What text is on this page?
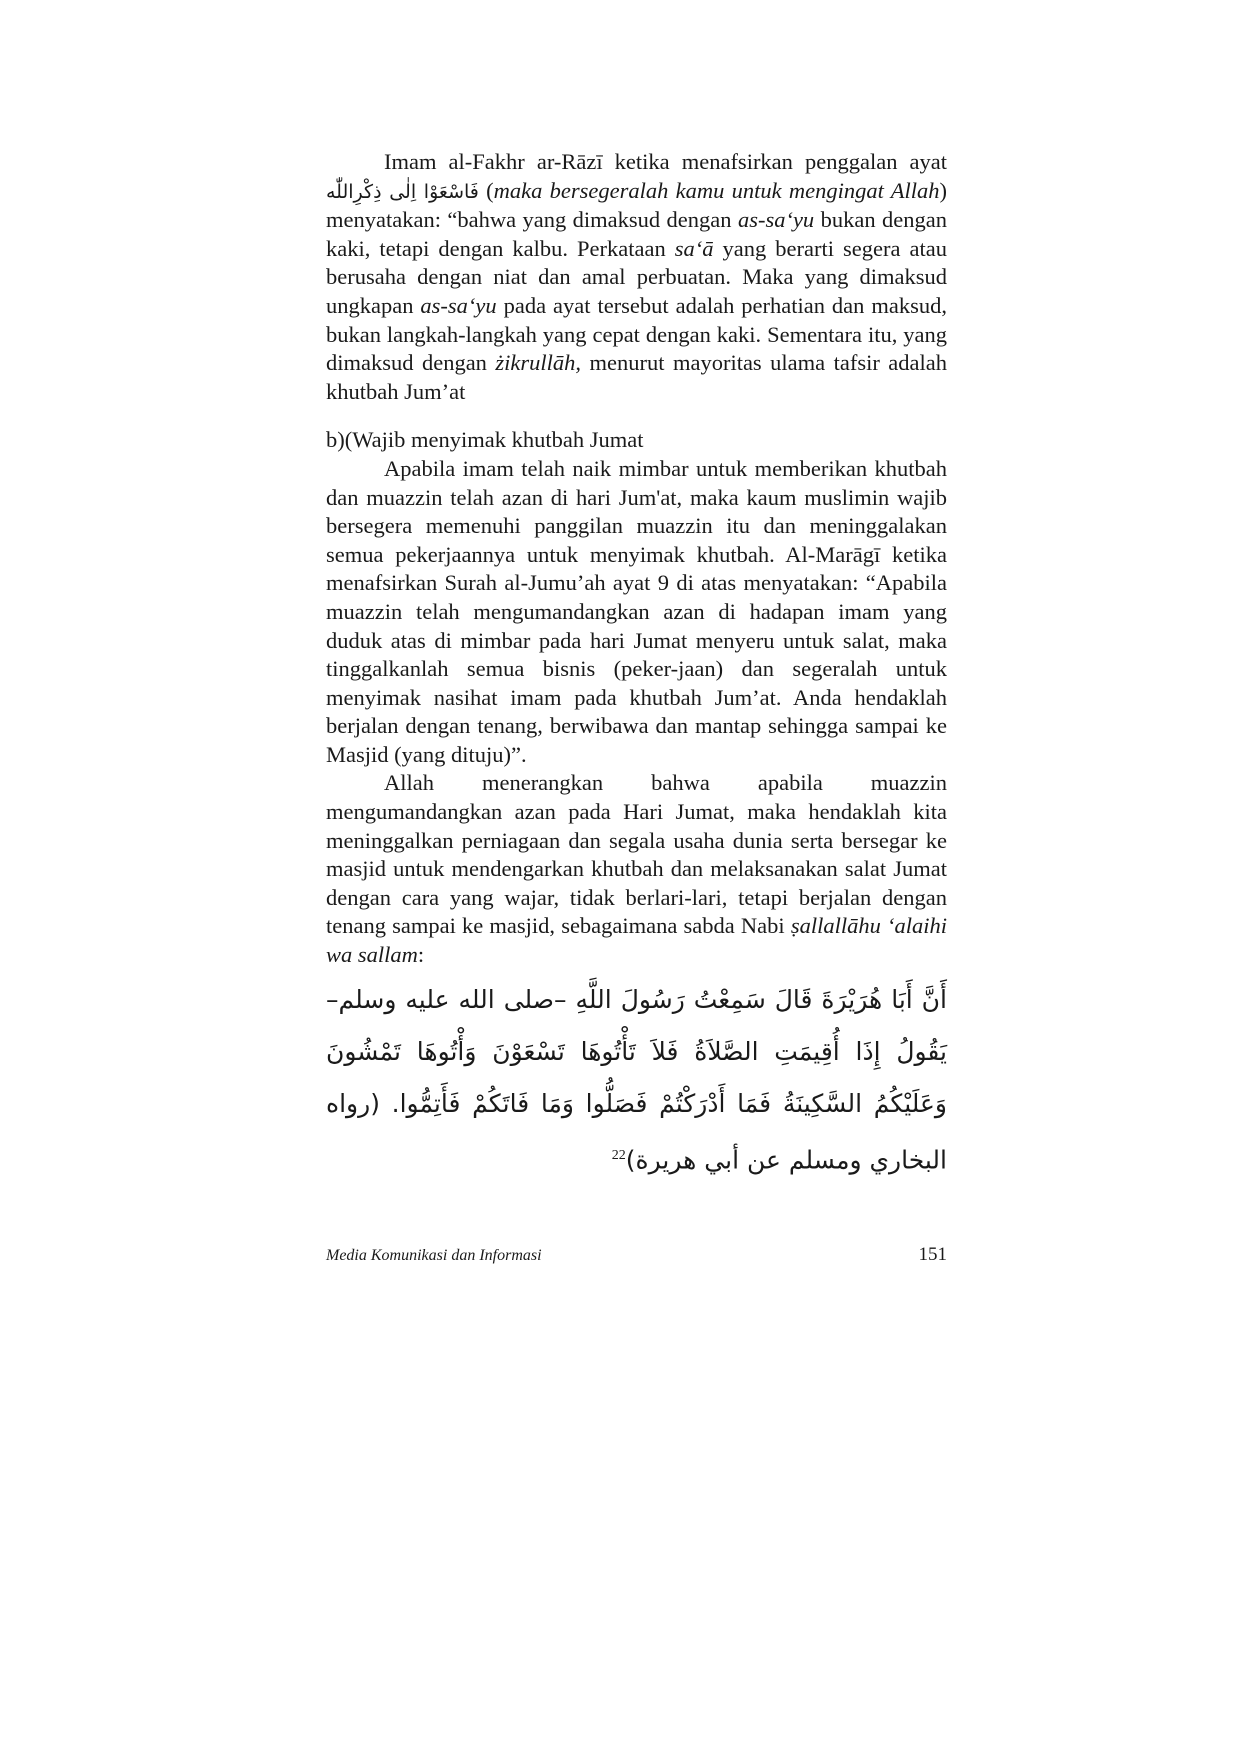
Imam al-Fakhr ar-Rāzī ketika menafsirkan penggalan ayat فَاسْعَوْا اِلٰى ذِكْرِاللّٰه (maka bersegeralah kamu untuk mengingat Allah) menyatakan: “bahwa yang dimaksud dengan as-sa‘yu bukan dengan kaki, tetapi dengan kalbu. Perkataan sa‘ā yang berarti segera atau berusaha dengan niat dan amal perbuatan. Maka yang dimaksud ungkapan as-sa‘yu pada ayat tersebut adalah perhatian dan maksud, bukan langkah-langkah yang cepat dengan kaki. Sementara itu, yang dimaksud dengan żikrullāh, menurut mayoritas ulama tafsir adalah khutbah Jum’at

b)(Wajib menyimak khutbah Jumat

Apabila imam telah naik mimbar untuk memberikan khutbah dan muazzin telah azan di hari Jum'at, maka kaum muslimin wajib bersegera memenuhi panggilan muazzin itu dan meninggalakan semua pekerjaannya untuk menyimak khutbah. Al-Marāgī ketika menafsirkan Surah al-Jumu’ah ayat 9 di atas menyatakan: “Apabila muazzin telah mengumandangkan azan di hadapan imam yang duduk atas di mimbar pada hari Jumat menyeru untuk salat, maka tinggalkanlah semua bisnis (peker-jaan) dan segeralah untuk menyimak nasihat imam pada khutbah Jum’at. Anda hendaklah berjalan dengan tenang, berwibawa dan mantap sehingga sampai ke Masjid (yang dituju)”.

Allah menerangkan bahwa apabila muazzin mengumandangkan azan pada Hari Jumat, maka hendaklah kita meninggalkan perniagaan dan segala usaha dunia serta bersegar ke masjid untuk mendengarkan khutbah dan melaksanakan salat Jumat dengan cara yang wajar, tidak berlari-lari, tetapi berjalan dengan tenang sampai ke masjid, sebagaimana sabda Nabi ṣallallāhu ‘alaihi wa sallam:

أَنَّ أَبَا هُرَيْرَةَ قَالَ سَمِعْتُ رَسُولَ اللَّهِ –صلى الله عليه وسلم– يَقُولُ إِذَا أُقِيمَتِ الصَّلاَةُ فَلاَ تَأْتُوهَا تَسْعَوْنَ وَأْتُوهَا تَمْشُونَ وَعَلَيْكُمُ السَّكِينَةُ فَمَا أَدْرَكْتُمْ فَصَلُّوا وَمَا فَاتَكُمْ فَأَتِمُّوا. (رواه البخاري ومسلم عن أبي هريرة)$^{22}$

Media Komunikasi dan Informasi	151
